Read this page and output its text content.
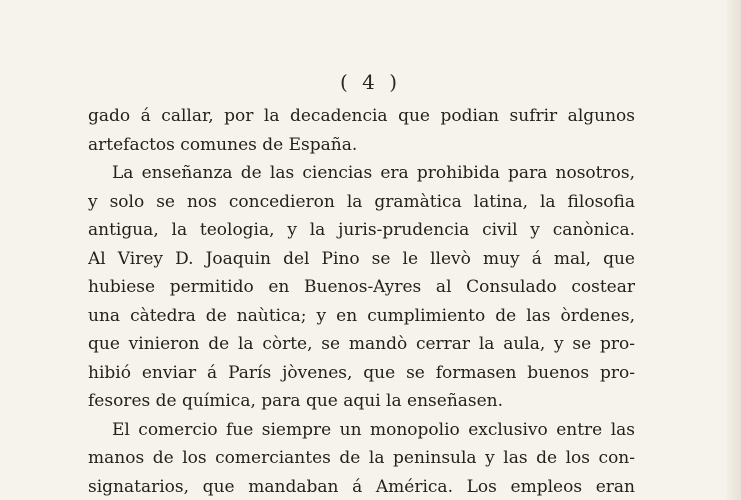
( 4 )
gado á callar, por la decadencia que podian sufrir algunos
artefactos comunes de España.
La enseñanza de las ciencias era prohibida para nosotros,
y solo se nos concedieron la gramàtica latina, la filosofia
antigua, la teologia, y la juris-prudencia civil y canònica.
Al Virey D. Joaquin del Pino se le llevò muy á mal, que
hubiese permitido en Buenos-Ayres al Consulado costear
una càtedra de naùtica; y en cumplimiento de las òrdenes,
que vinieron de la còrte, se mandò cerrar la aula, y se pro-
hibió enviar á París jòvenes, que se formasen buenos pro-
fesores de química, para que aqui la enseñasen.
El comercio fue siempre un monopolio exclusivo entre las
manos de los comerciantes de la peninsula y las de los con-
signatarios, que mandaban á América. Los empleos eran
